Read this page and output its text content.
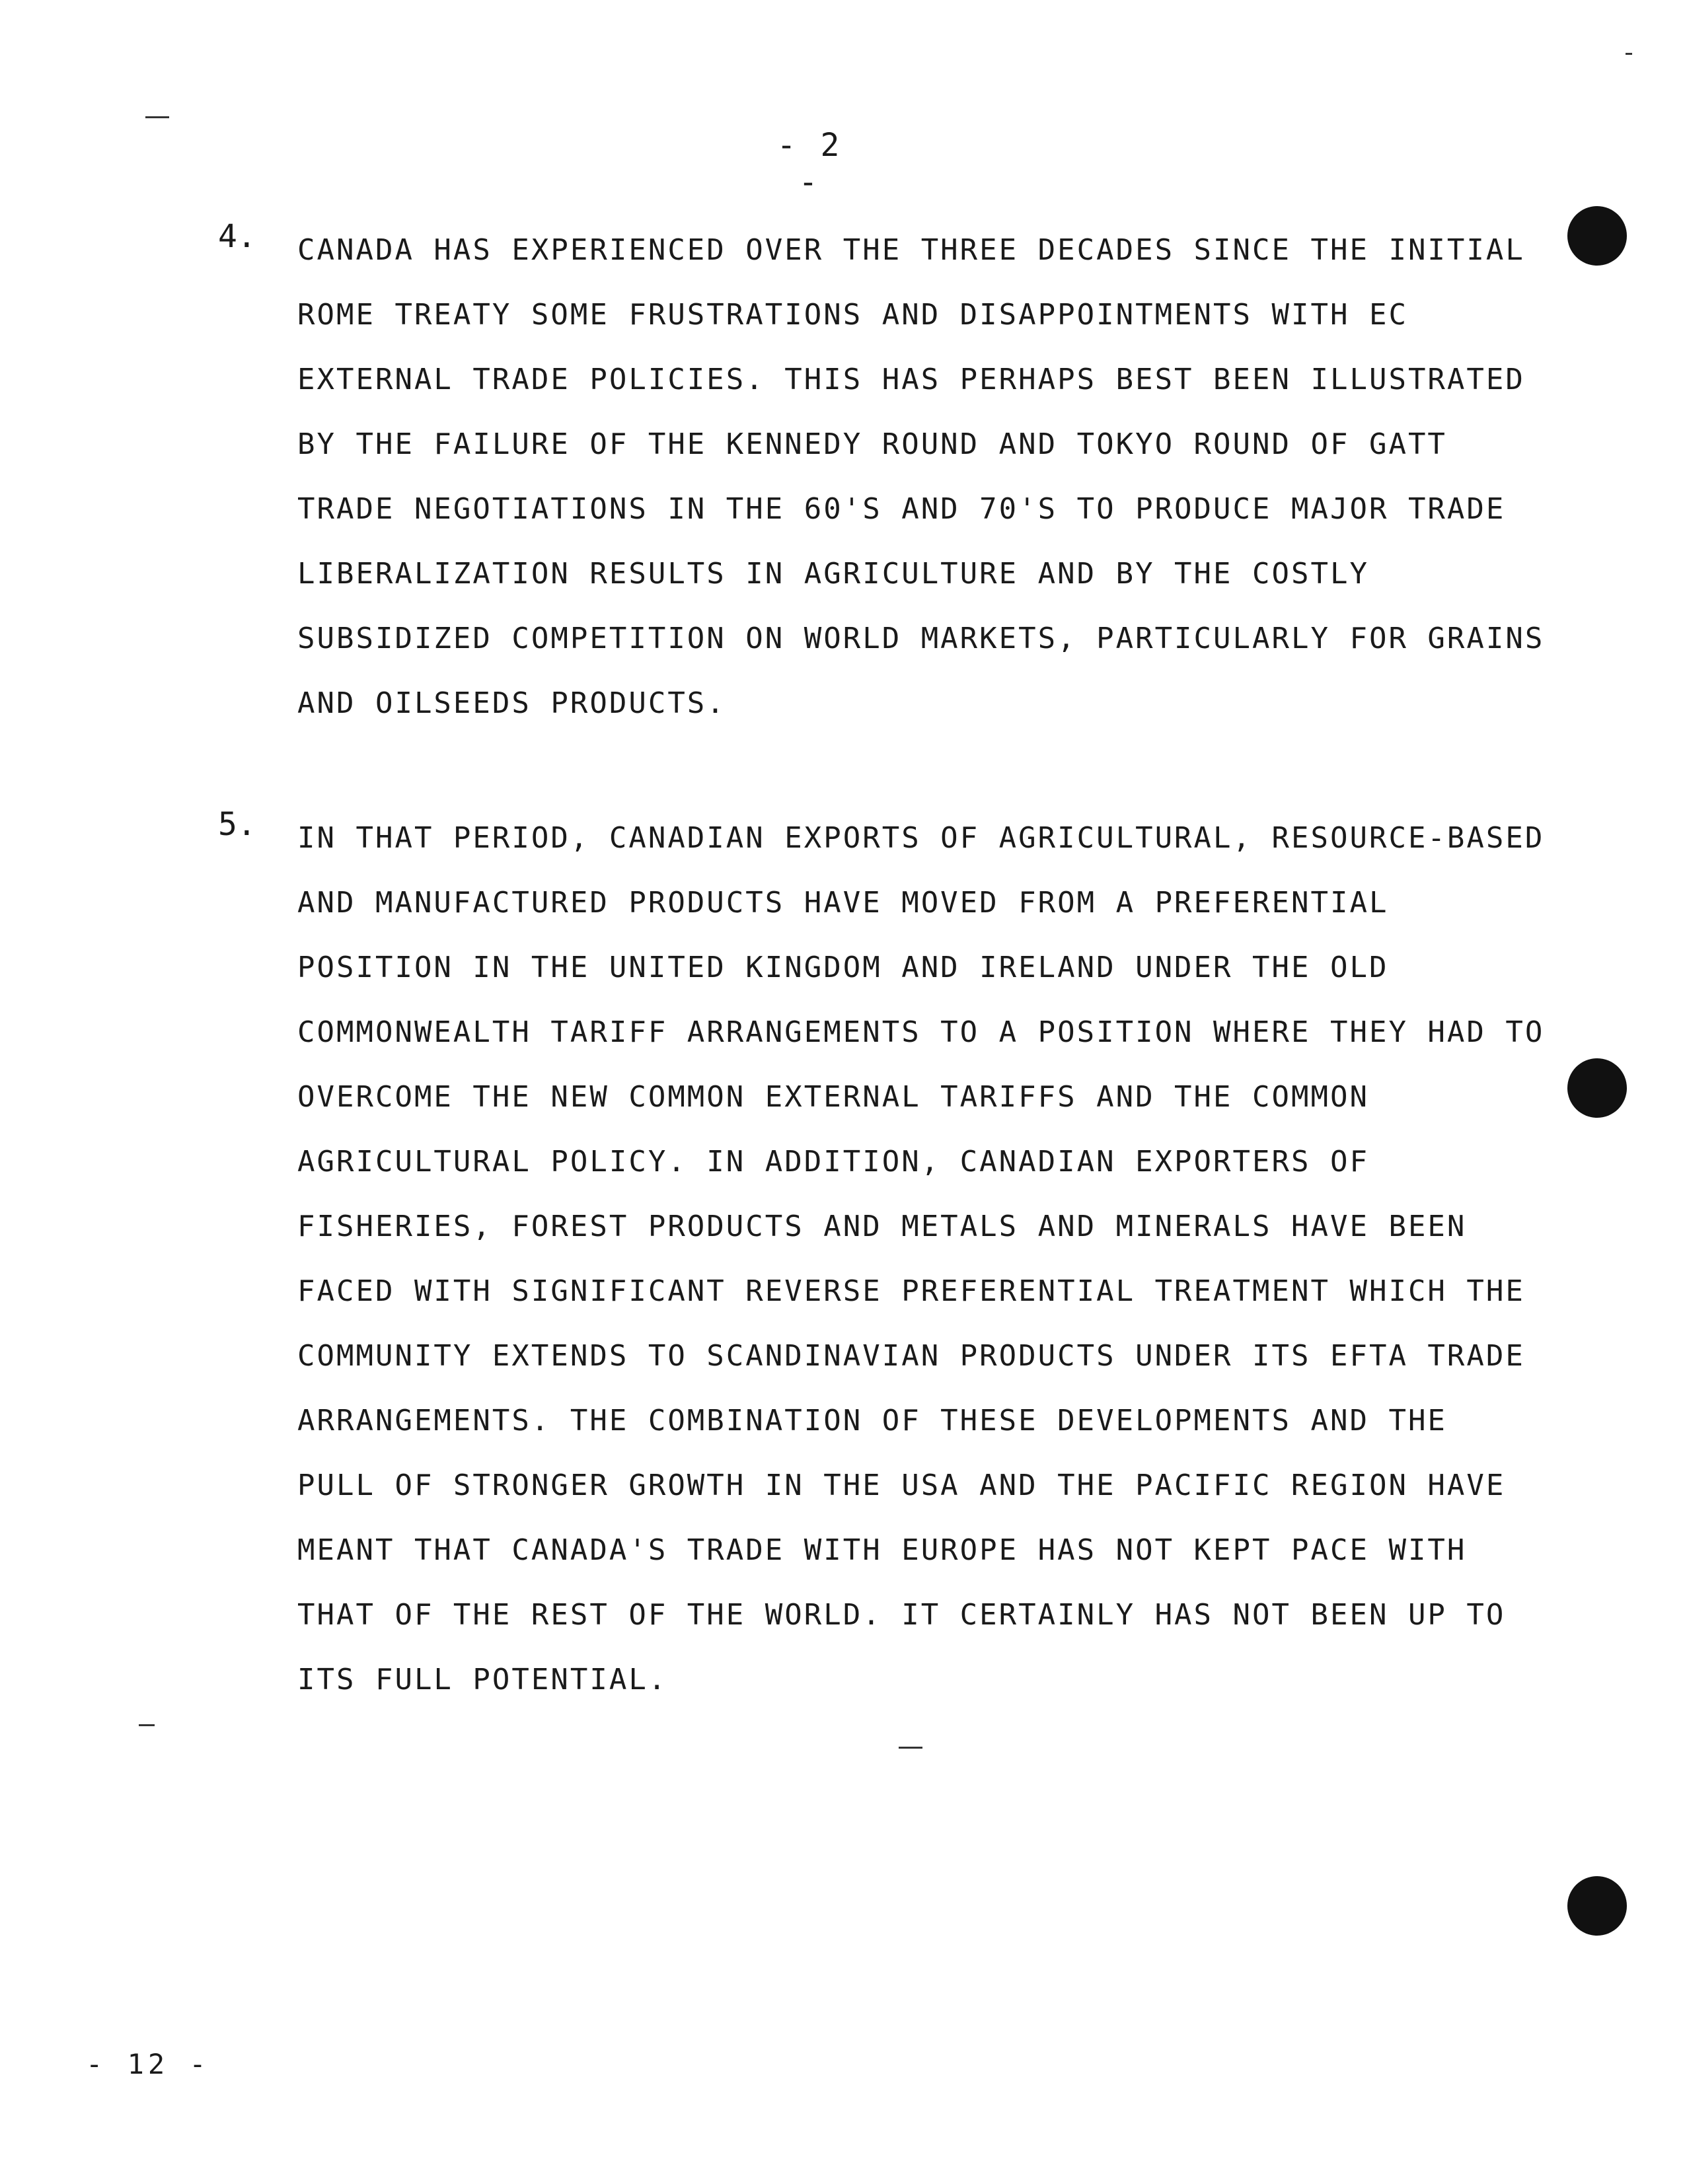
- 2 -
4. CANADA HAS EXPERIENCED OVER THE THREE DECADES SINCE THE INITIAL
ROME TREATY SOME FRUSTRATIONS AND DISAPPOINTMENTS WITH EC
EXTERNAL TRADE POLICIES. THIS HAS PERHAPS BEST BEEN ILLUSTRATED
BY THE FAILURE OF THE KENNEDY ROUND AND TOKYO ROUND OF GATT
TRADE NEGOTIATIONS IN THE 60'S AND 70'S TO PRODUCE MAJOR TRADE
LIBERALIZATION RESULTS IN AGRICULTURE AND BY THE COSTLY
SUBSIDIZED COMPETITION ON WORLD MARKETS, PARTICULARLY FOR GRAINS
AND OILSEEDS PRODUCTS.
5. IN THAT PERIOD, CANADIAN EXPORTS OF AGRICULTURAL, RESOURCE-BASED
AND MANUFACTURED PRODUCTS HAVE MOVED FROM A PREFERENTIAL
POSITION IN THE UNITED KINGDOM AND IRELAND UNDER THE OLD
COMMONWEALTH TARIFF ARRANGEMENTS TO A POSITION WHERE THEY HAD TO
OVERCOME THE NEW COMMON EXTERNAL TARIFFS AND THE COMMON
AGRICULTURAL POLICY. IN ADDITION, CANADIAN EXPORTERS OF
FISHERIES, FOREST PRODUCTS AND METALS AND MINERALS HAVE BEEN
FACED WITH SIGNIFICANT REVERSE PREFERENTIAL TREATMENT WHICH THE
COMMUNITY EXTENDS TO SCANDINAVIAN PRODUCTS UNDER ITS EFTA TRADE
ARRANGEMENTS. THE COMBINATION OF THESE DEVELOPMENTS AND THE
PULL OF STRONGER GROWTH IN THE USA AND THE PACIFIC REGION HAVE
MEANT THAT CANADA'S TRADE WITH EUROPE HAS NOT KEPT PACE WITH
THAT OF THE REST OF THE WORLD. IT CERTAINLY HAS NOT BEEN UP TO
ITS FULL POTENTIAL.
- 12 -
